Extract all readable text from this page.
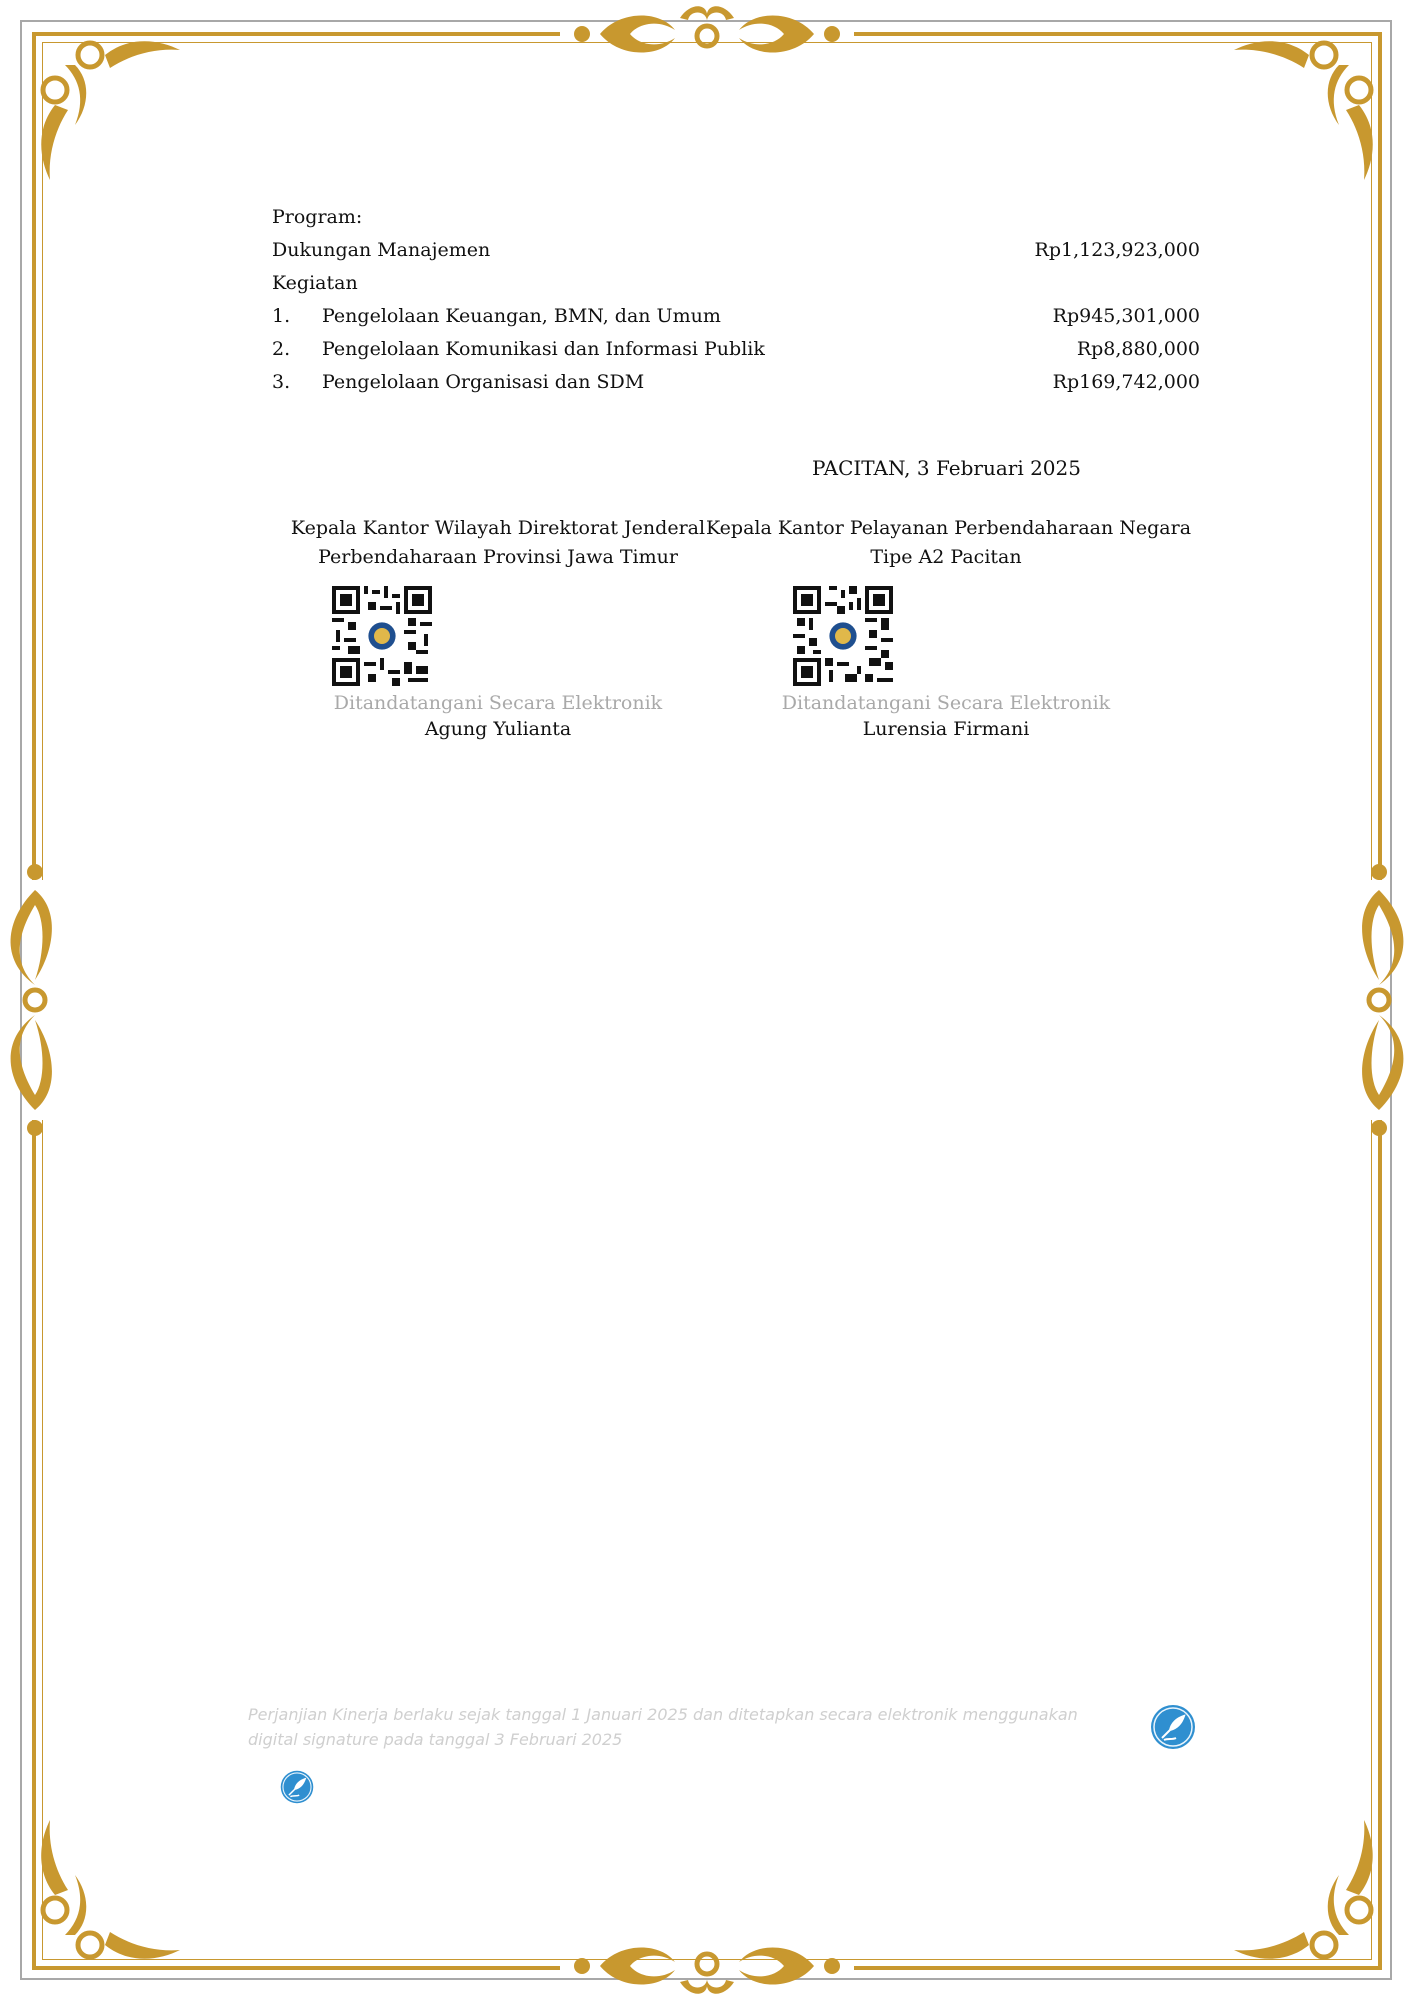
Program:
Dukungan Manajemen	Rp1,123,923,000
Kegiatan
1. Pengelolaan Keuangan, BMN, dan Umum	Rp945,301,000
2. Pengelolaan Komunikasi dan Informasi Publik	Rp8,880,000
3. Pengelolaan Organisasi dan SDM	Rp169,742,000
PACITAN, 3 Februari 2025
Kepala Kantor Wilayah Direktorat Jenderal
Perbendaharaan Provinsi Jawa Timur
Ditandatangani Secara Elektronik
Agung Yulianta
Kepala Kantor Pelayanan Perbendaharaan Negara
Tipe A2 Pacitan
Ditandatangani Secara Elektronik
Lurensia Firmani
Perjanjian Kinerja berlaku sejak tanggal 1 Januari 2025 dan ditetapkan secara elektronik menggunakan
digital signature pada tanggal 3 Februari 2025
